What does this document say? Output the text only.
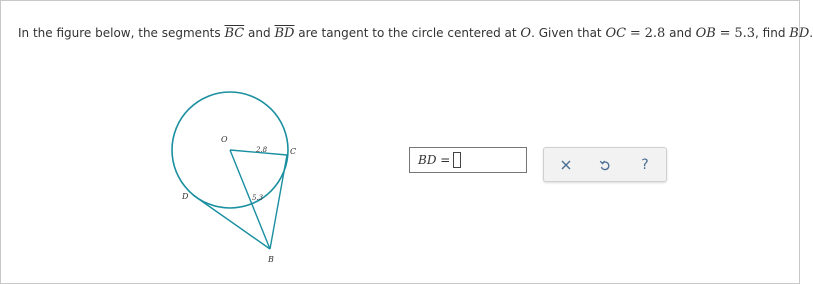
In the figure below, the segments $\overline{BC}$ and $\overline{BD}$ are tangent to the circle centered at O. Given that OC = 2.8 and OB = 5.3, find BD.
O
C
D
B
2.8
5.3
BD =	?
